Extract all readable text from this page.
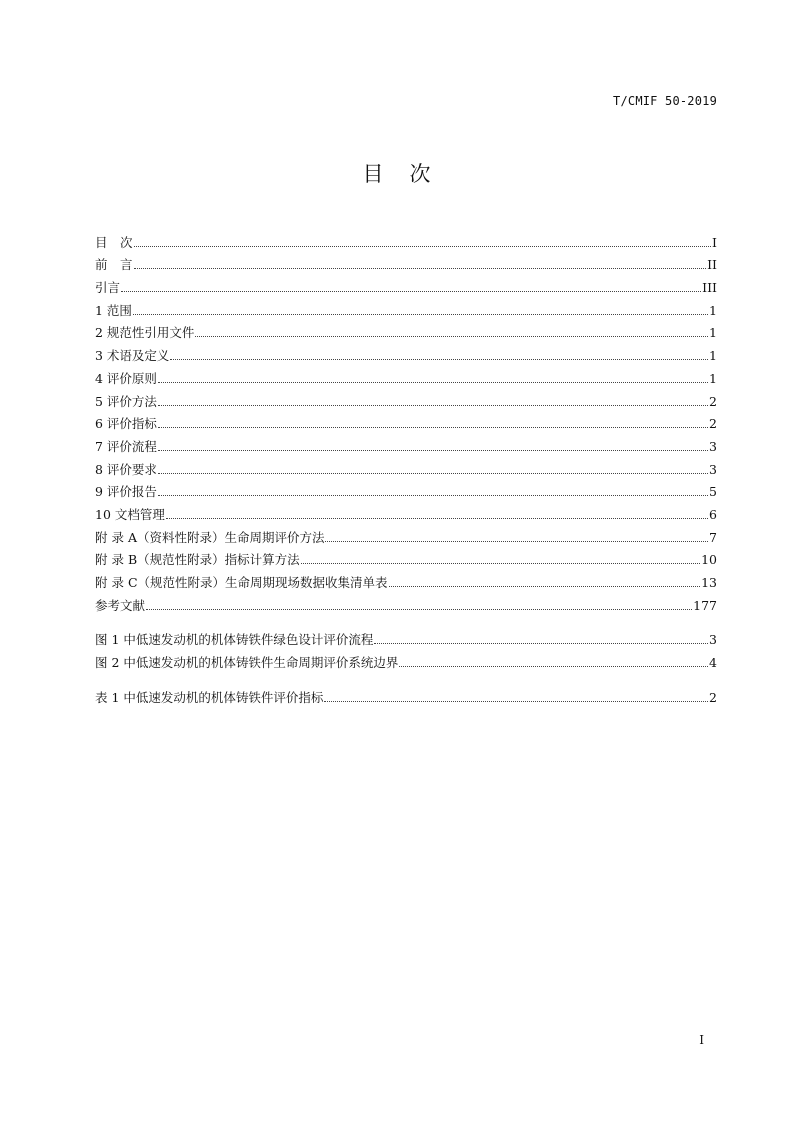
T/CMIF 50-2019
目次
目　次	I
前　言	II
引言	III
1 范围	1
2 规范性引用文件	1
3 术语及定义	1
4 评价原则	1
5 评价方法	2
6 评价指标	2
7 评价流程	3
8 评价要求	3
9 评价报告	5
10 文档管理	6
附 录 A（资料性附录）生命周期评价方法	7
附 录 B（规范性附录）指标计算方法	10
附 录 C（规范性附录）生命周期现场数据收集清单表	13
参考文献	177
图 1 中低速发动机的机体铸铁件绿色设计评价流程	3
图 2 中低速发动机的机体铸铁件生命周期评价系统边界	4
表 1 中低速发动机的机体铸铁件评价指标	2
I
